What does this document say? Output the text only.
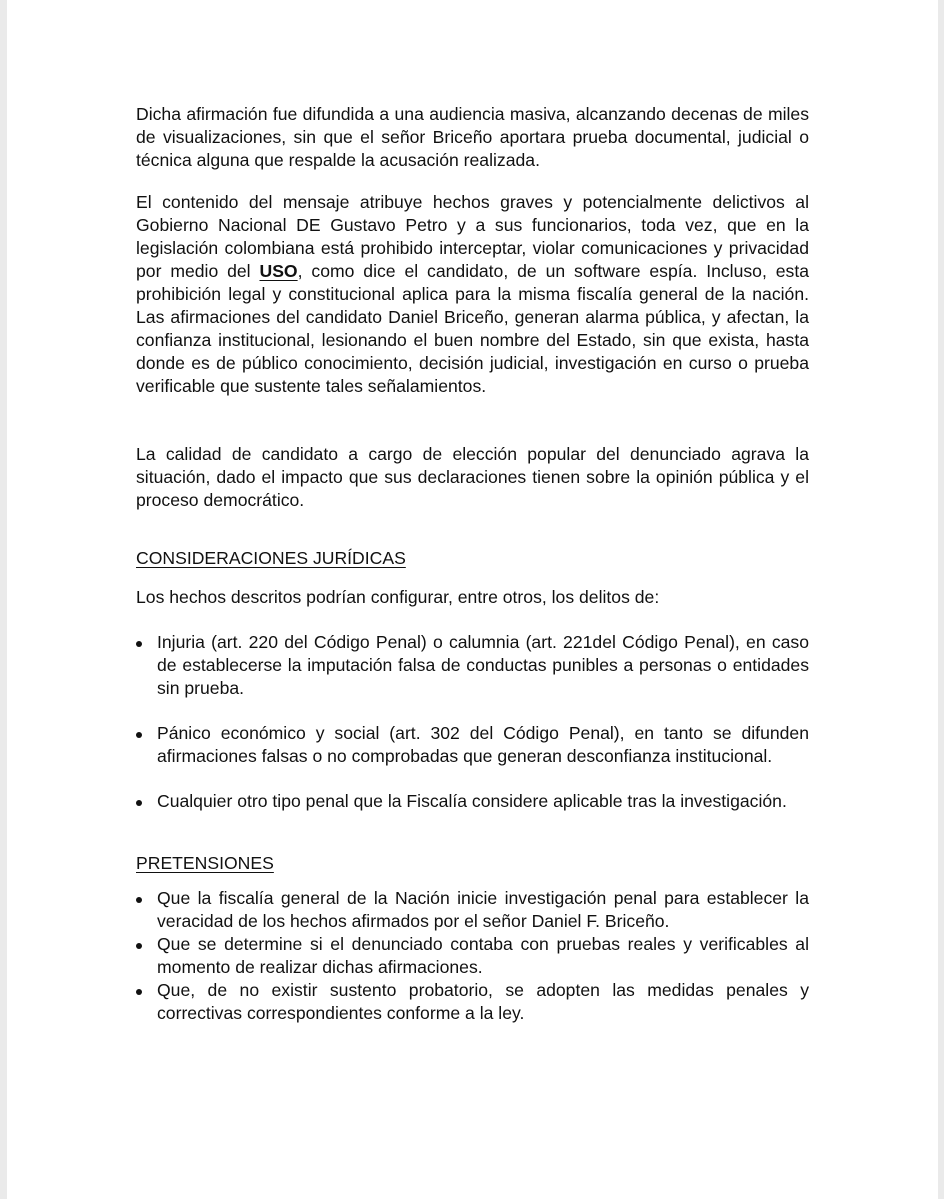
Dicha afirmación fue difundida a una audiencia masiva, alcanzando decenas de miles de visualizaciones, sin que el señor Briceño aportara prueba documental, judicial o técnica alguna que respalde la acusación realizada.

El contenido del mensaje atribuye hechos graves y potencialmente delictivos al Gobierno Nacional DE Gustavo Petro y a sus funcionarios, toda vez, que en la legislación colombiana está prohibido interceptar, violar comunicaciones y privacidad por medio del USO, como dice el candidato, de un software espía. Incluso, esta prohibición legal y constitucional aplica para la misma fiscalía general de la nación. Las afirmaciones del candidato Daniel Briceño, generan alarma pública, y afectan, la confianza institucional, lesionando el buen nombre del Estado, sin que exista, hasta donde es de público conocimiento, decisión judicial, investigación en curso o prueba verificable que sustente tales señalamientos.

La calidad de candidato a cargo de elección popular del denunciado agrava la situación, dado el impacto que sus declaraciones tienen sobre la opinión pública y el proceso democrático.

CONSIDERACIONES JURÍDICAS

Los hechos descritos podrían configurar, entre otros, los delitos de:

Injuria (art. 220 del Código Penal) o calumnia (art. 221del Código Penal), en caso de establecerse la imputación falsa de conductas punibles a personas o entidades sin prueba.
Pánico económico y social (art. 302 del Código Penal), en tanto se difunden afirmaciones falsas o no comprobadas que generan desconfianza institucional.
Cualquier otro tipo penal que la Fiscalía considere aplicable tras la investigación.

PRETENSIONES

Que la fiscalía general de la Nación inicie investigación penal para establecer la veracidad de los hechos afirmados por el señor Daniel F. Briceño.
Que se determine si el denunciado contaba con pruebas reales y verificables al momento de realizar dichas afirmaciones.
Que, de no existir sustento probatorio, se adopten las medidas penales y correctivas correspondientes conforme a la ley.
